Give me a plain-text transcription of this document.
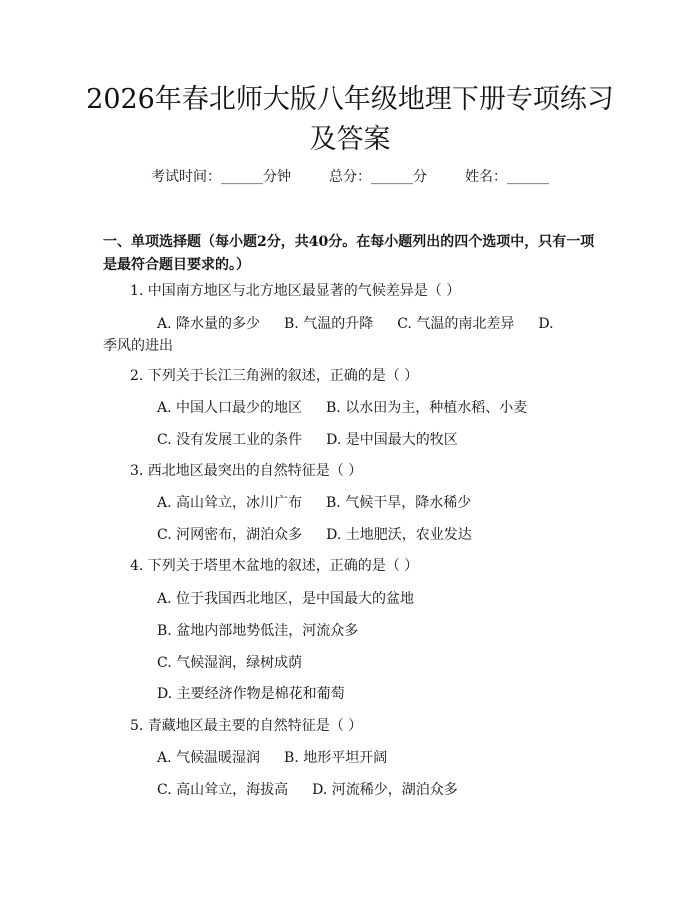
2026年春北师大版八年级地理下册专项练习及答案
考试时间：______分钟	总分：______分	姓名：______

一、单项选择题（每小题2分，共40分。在每小题列出的四个选项中，只有一项是最符合题目要求的。）

1. 中国南方地区与北方地区最显著的气候差异是（ ）

A. 降水量的多少 B. 气温的升降 C. 气温的南北差异 D. 季风的进出

2. 下列关于长江三角洲的叙述，正确的是（ ）

A. 中国人口最少的地区 B. 以水田为主，种植水稻、小麦

C. 没有发展工业的条件 D. 是中国最大的牧区

3. 西北地区最突出的自然特征是（ ）

A. 高山耸立，冰川广布 B. 气候干旱，降水稀少

C. 河网密布，湖泊众多 D. 土地肥沃，农业发达

4. 下列关于塔里木盆地的叙述，正确的是（ ）

A. 位于我国西北地区，是中国最大的盆地

B. 盆地内部地势低洼，河流众多

C. 气候湿润，绿树成荫

D. 主要经济作物是棉花和葡萄

5. 青藏地区最主要的自然特征是（ ）

A. 气候温暖湿润 B. 地形平坦开阔

C. 高山耸立，海拔高 D. 河流稀少，湖泊众多
